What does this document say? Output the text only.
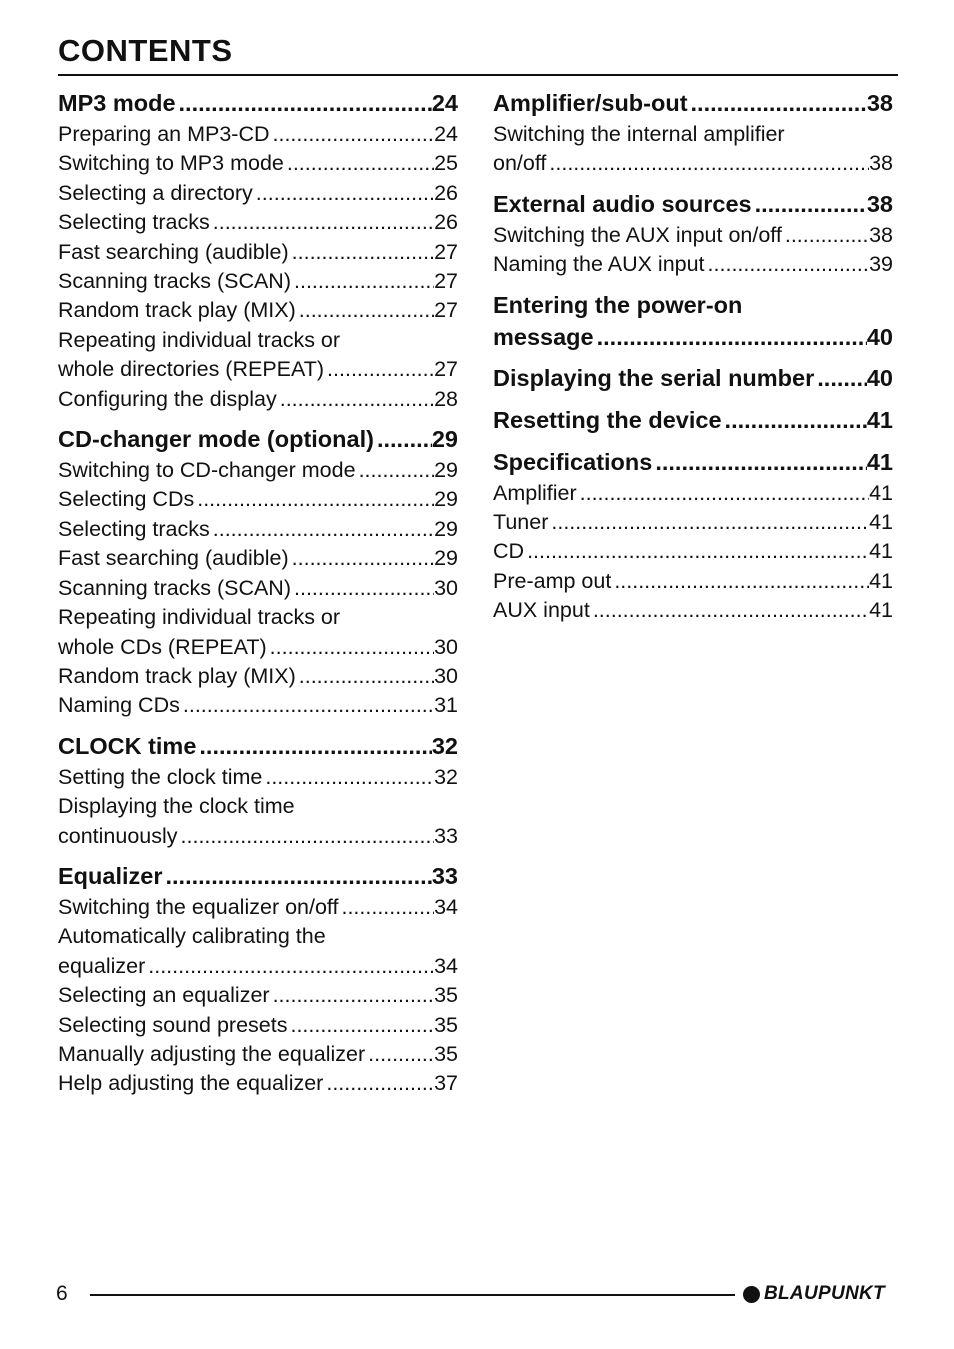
CONTENTS
MP3 mode .....	24
Preparing an MP3-CD .....	24
Switching to MP3 mode .....	25
Selecting a directory .....	26
Selecting tracks .....	26
Fast searching (audible) .....	27
Scanning tracks (SCAN) .....	27
Random track play (MIX) .....	27
Repeating individual tracks or
whole directories (REPEAT) .....	27
Configuring the display .....	28
CD-changer mode (optional) ..... 29
Switching to CD-changer mode .....	29
Selecting CDs .....	29
Selecting tracks .....	29
Fast searching (audible) .....	29
Scanning tracks (SCAN) .....	30
Repeating individual tracks or
whole CDs (REPEAT) .....	30
Random track play (MIX) .....	30
Naming CDs .....	31
CLOCK time .....	32
Setting the clock time .....	32
Displaying the clock time
continuously .....	33
Equalizer .....	33
Switching the equalizer on/off .....	34
Automatically calibrating the
equalizer .....	34
Selecting an equalizer .....	35
Selecting sound presets .....	35
Manually adjusting the equalizer .....	35
Help adjusting the equalizer .....	37
Amplifier/sub-out .....	38
Switching the internal amplifier
on/off .....	38
External audio sources .....	38
Switching the AUX input on/off .....	38
Naming the AUX input .....	39
Entering the power-on
message .....	40
Displaying the serial number ..... 40
Resetting the device .....	41
Specifications .....	41
Amplifier .....	41
Tuner .....	41
CD .....	41
Pre-amp out .....	41
AUX input .....	41
6	BLAUPUNKT
